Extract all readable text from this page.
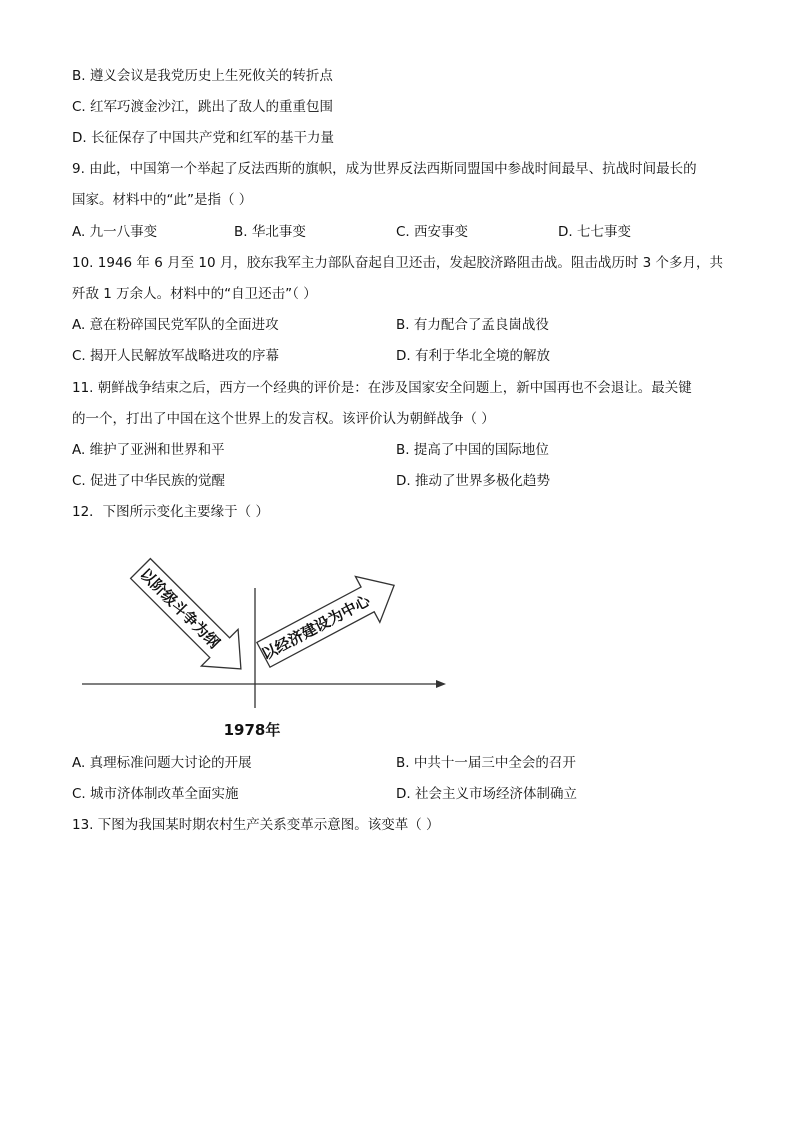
B. 遵义会议是我党历史上生死攸关的转折点
C. 红军巧渡金沙江，跳出了敌人的重重包围
D. 长征保存了中国共产党和红军的基干力量
9. 由此，中国第一个举起了反法西斯的旗帜，成为世界反法西斯同盟国中参战时间最早、抗战时间最长的
国家。材料中的“此”是指（ ）
A. 九一八事变	B. 华北事变	C. 西安事变	D. 七七事变
10. 1946 年 6 月至 10 月，胶东我军主力部队奋起自卫还击，发起胶济路阻击战。阻击战历时 3 个多月，共
歼敌 1 万余人。材料中的“自卫还击”（ ）
A. 意在粉碎国民党军队的全面进攻	B. 有力配合了孟良崮战役
C. 揭开人民解放军战略进攻的序幕	D. 有利于华北全境的解放
11. 朝鲜战争结束之后，西方一个经典的评价是：在涉及国家安全问题上，新中国再也不会退让。最关键
的一个，打出了中国在这个世界上的发言权。该评价认为朝鲜战争（ ）
A. 维护了亚洲和世界和平	B. 提高了中国的国际地位
C. 促进了中华民族的觉醒	D. 推动了世界多极化趋势
12．下图所示变化主要缘于（ ）
以阶级斗争为纲 以经济建设为中心
1978年
A. 真理标准问题大讨论的开展	B. 中共十一届三中全会的召开
C. 城市济体制改革全面实施	D. 社会主义市场经济体制确立
13. 下图为我国某时期农村生产关系变革示意图。该变革（ ）
